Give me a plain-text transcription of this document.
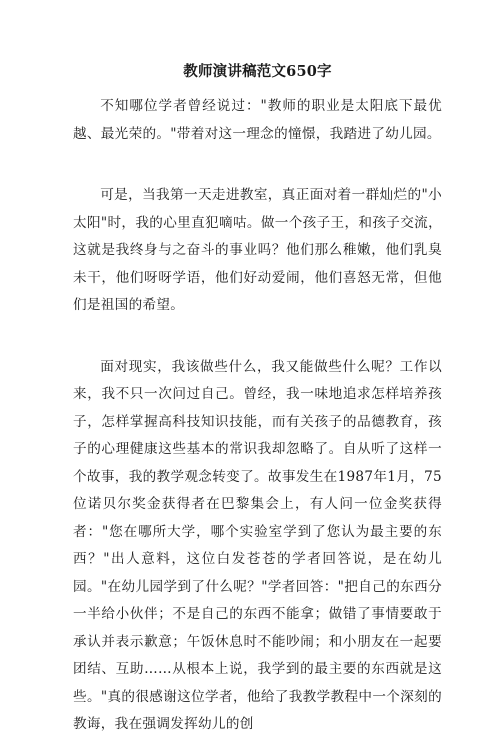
教师演讲稿范文650字

不知哪位学者曾经说过："教师的职业是太阳底下最优越、最光荣的。"带着对这一理念的憧憬，我踏进了幼儿园。

可是，当我第一天走进教室，真正面对着一群灿烂的"小太阳"时，我的心里直犯嘀咕。做一个孩子王，和孩子交流，这就是我终身与之奋斗的事业吗？他们那么稚嫩，他们乳臭未干，他们呀呀学语，他们好动爱闹，他们喜怒无常，但他们是祖国的希望。

面对现实，我该做些什么，我又能做些什么呢？工作以来，我不只一次问过自己。曾经，我一味地追求怎样培养孩子，怎样掌握高科技知识技能，而有关孩子的品德教育，孩子的心理健康这些基本的常识我却忽略了。自从听了这样一个故事，我的教学观念转变了。故事发生在1987年1月，75位诺贝尔奖金获得者在巴黎集会上，有人问一位金奖获得者："您在哪所大学，哪个实验室学到了您认为最主要的东西？"出人意料，这位白发苍苍的学者回答说，是在幼儿园。"在幼儿园学到了什么呢？"学者回答："把自己的东西分一半给小伙伴；不是自己的东西不能拿；做错了事情要敢于承认并表示歉意；午饭休息时不能吵闹；和小朋友在一起要团结、互助……从根本上说，我学到的最主要的东西就是这些。"真的很感谢这位学者，他给了我教学教程中一个深刻的教诲，我在强调发挥幼儿的创
